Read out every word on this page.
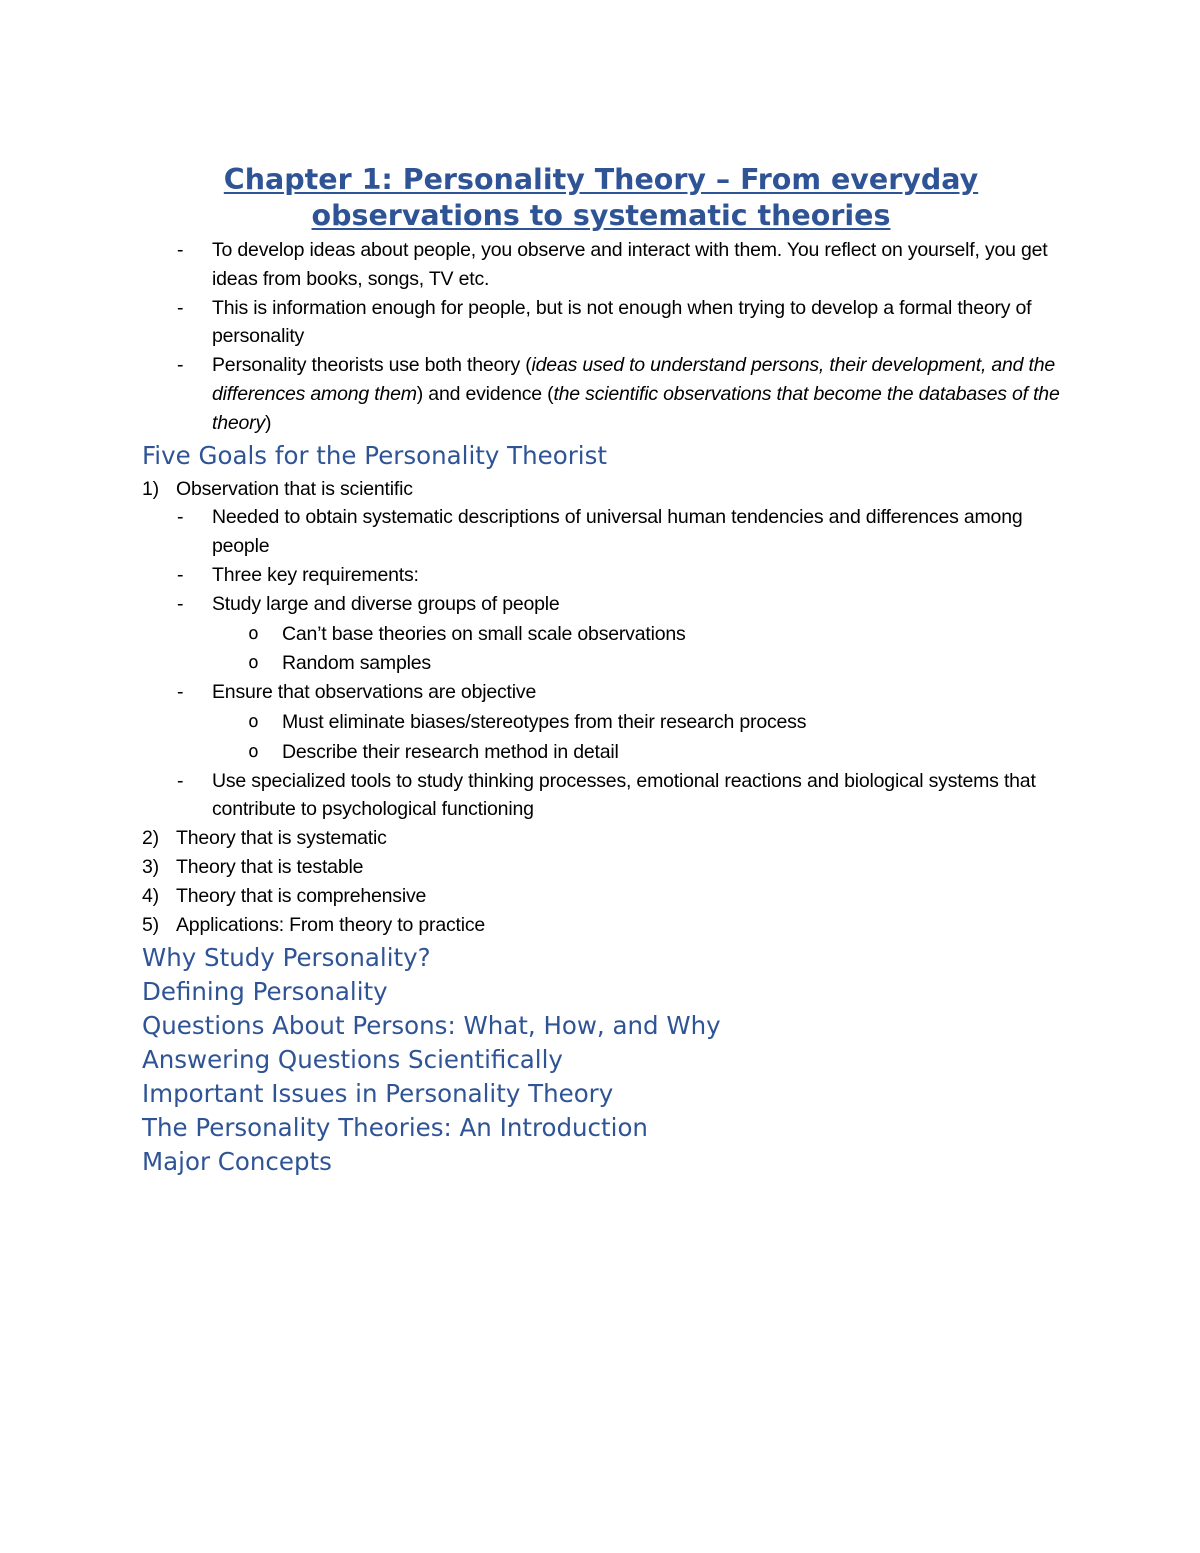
Chapter 1: Personality Theory – From everyday
observations to systematic theories
- To develop ideas about people, you observe and interact with them. You reflect on yourself, you get ideas from books, songs, TV etc.
- This is information enough for people, but is not enough when trying to develop a formal theory of personality
- Personality theorists use both theory (ideas used to understand persons, their development, and the differences among them) and evidence (the scientific observations that become the databases of the theory)
Five Goals for the Personality Theorist
1) Observation that is scientific
- Needed to obtain systematic descriptions of universal human tendencies and differences among people
- Three key requirements:
- Study large and diverse groups of people
o Can’t base theories on small scale observations
o Random samples
- Ensure that observations are objective
o Must eliminate biases/stereotypes from their research process
o Describe their research method in detail
- Use specialized tools to study thinking processes, emotional reactions and biological systems that contribute to psychological functioning
2) Theory that is systematic
3) Theory that is testable
4) Theory that is comprehensive
5) Applications: From theory to practice
Why Study Personality?
Defining Personality
Questions About Persons: What, How, and Why
Answering Questions Scientifically
Important Issues in Personality Theory
The Personality Theories: An Introduction
Major Concepts
